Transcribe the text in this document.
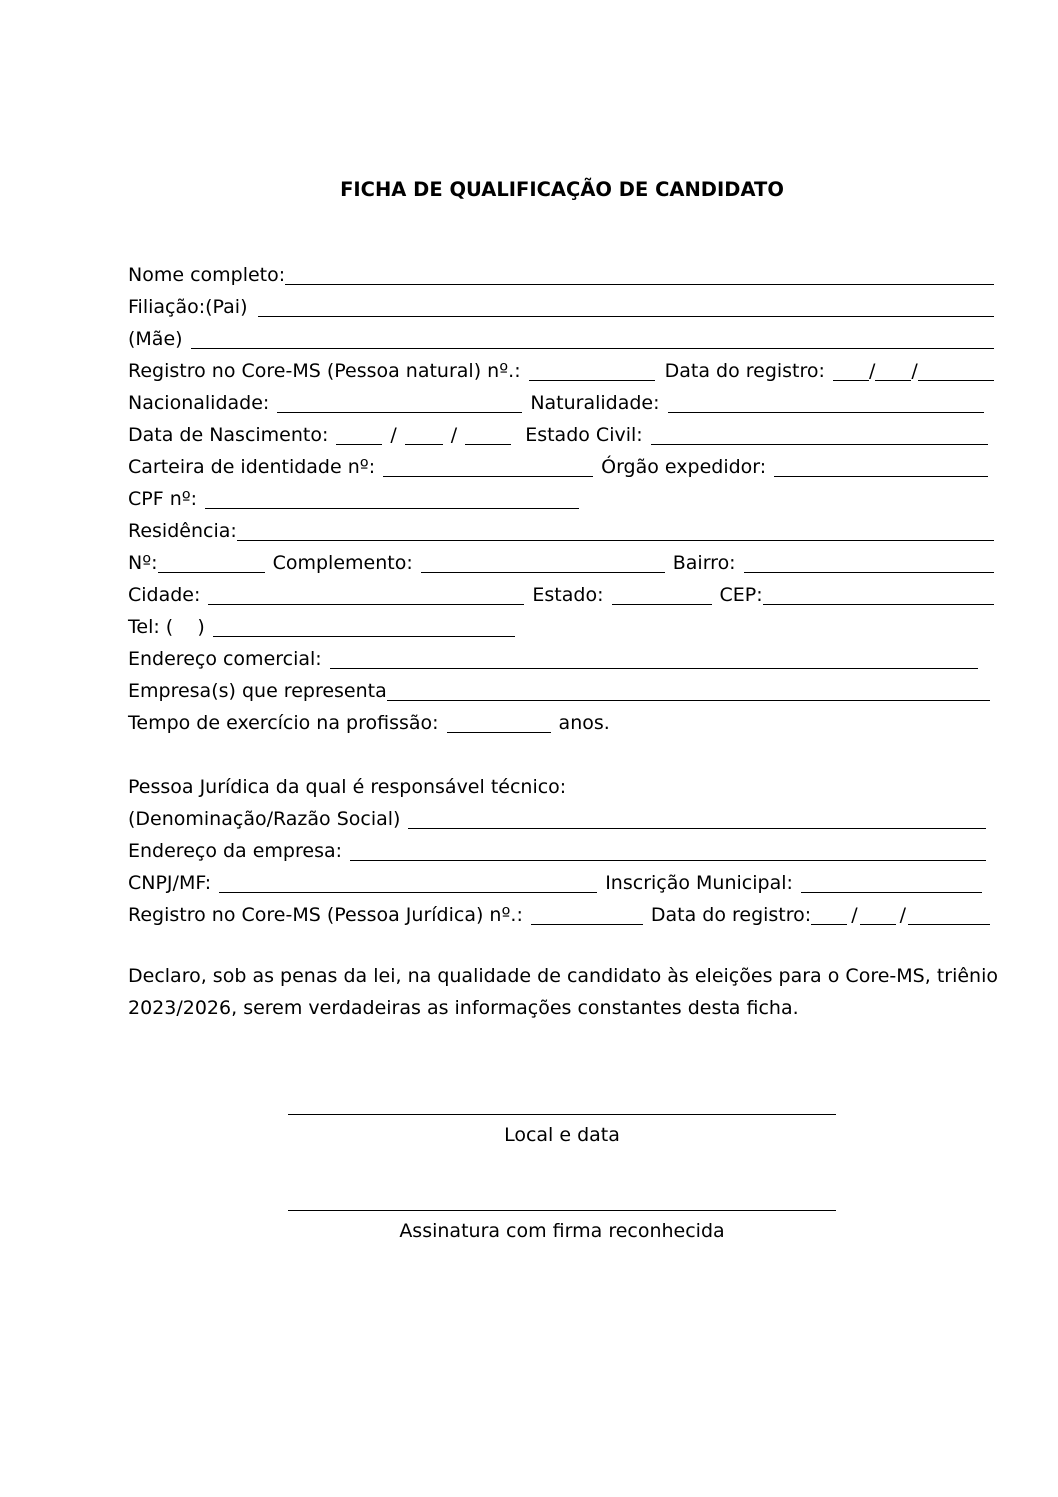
FICHA DE QUALIFICAÇÃO DE CANDIDATO
Nome completo:
Filiação:(Pai)
(Mãe)
Registro no Core-MS (Pessoa natural) nº.:	Data do registro: / /
Nacionalidade:	Naturalidade:
Data de Nascimento:	/	/	Estado Civil:
Carteira de identidade nº:	Órgão expedidor:
CPF nº:
Residência:
Nº:	Complemento:	Bairro:
Cidade:	Estado:	CEP:
Tel: (    )
Endereço comercial:
Empresa(s) que representa
Tempo de exercício na profissão:	anos.
Pessoa Jurídica da qual é responsável técnico:
(Denominação/Razão Social)
Endereço da empresa:
CNPJ/MF:	Inscrição Municipal:
Registro no Core-MS (Pessoa Jurídica) nº.:	Data do registro: / /
Declaro, sob as penas da lei, na qualidade de candidato às eleições para o Core-MS, triênio 2023/2026, serem verdadeiras as informações constantes desta ficha.
Local e data
Assinatura com firma reconhecida
